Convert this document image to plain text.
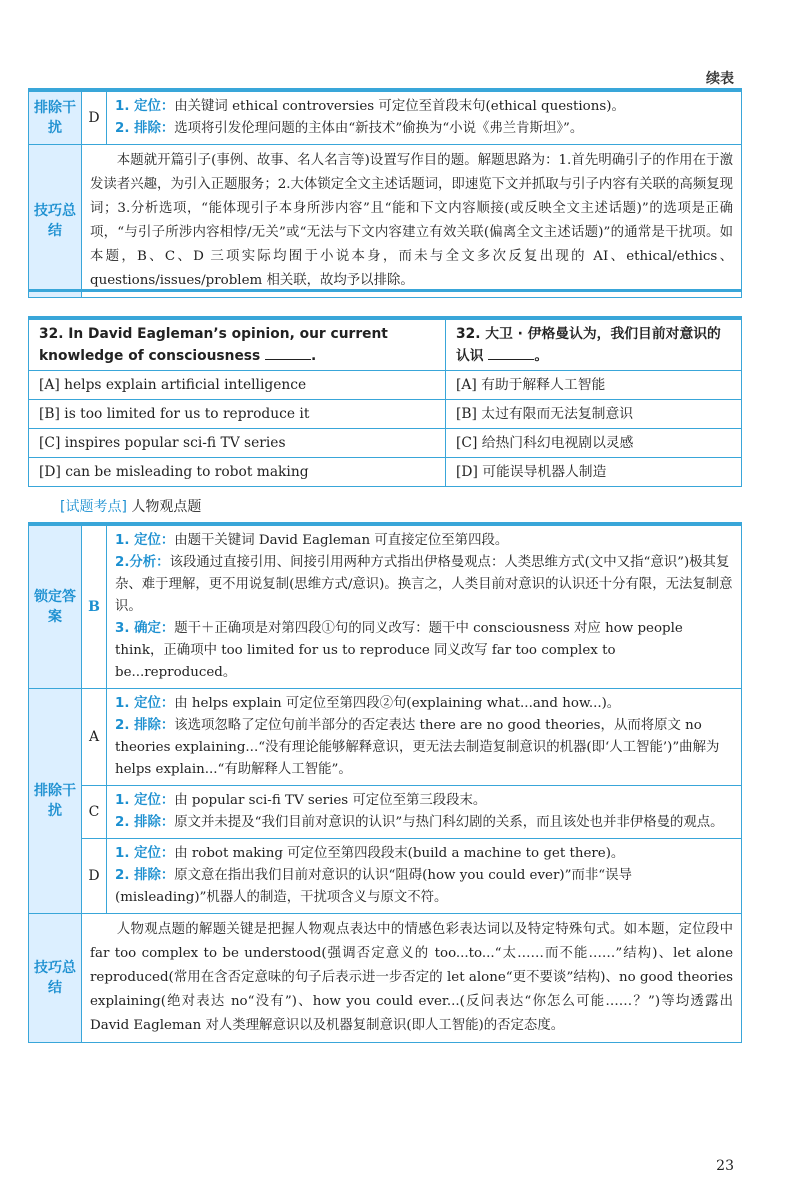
续表
排除干扰	D	1. 定位：由关键词 ethical controversies 可定位至首段末句(ethical questions)。
2. 排除：选项将引发伦理问题的主体由“新技术”偷换为“小说《弗兰肯斯坦》”。

技巧总结	本题就开篇引子(事例、故事、名人名言等)设置写作目的题。解题思路为：1.首先明确引子的作用在于激发读者兴趣，为引入正题服务；2.大体锁定全文主述话题词，即速览下文并抓取与引子内容有关联的高频复现词；3.分析选项，“能体现引子本身所涉内容”且“能和下文内容顺接(或反映全文主述话题)”的选项是正确项，“与引子所涉内容相悖/无关”或“无法与下文内容建立有效关联(偏离全文主述话题)”的通常是干扰项。如本题，B、C、D 三项实际均囿于小说本身，而未与全文多次反复出现的 AI、ethical/ethics、questions/issues/problem 相关联，故均予以排除。	
32. In David Eagleman’s opinion, our current knowledge of consciousness .	32. 大卫 · 伊格曼认为，我们目前对意识的认识 。
[A] helps explain artificial intelligence	[A] 有助于解释人工智能
[B] is too limited for us to reproduce it	[B] 太过有限而无法复制意识
[C] inspires popular sci-fi TV series	[C] 给热门科幻电视剧以灵感
[D] can be misleading to robot making	[D] 可能误导机器人制造
[试题考点] 人物观点题
锁定答案	B	1. 定位：由题干关键词 David Eagleman 可直接定位至第四段。
2.分析：该段通过直接引用、间接引用两种方式指出伊格曼观点：人类思维方式(文中又指“意识”)极其复杂、难于理解，更不用说复制(思维方式/意识)。换言之，人类目前对意识的认识还十分有限，无法复制意识。
3. 确定：题干＋正确项是对第四段①句的同义改写：题干中 consciousness 对应 how people think，正确项中 too limited for us to reproduce 同义改写 far too complex to be...reproduced。

排除干扰	A	1. 定位：由 helps explain 可定位至第四段②句(explaining what...and how...)。
2. 排除：该选项忽略了定位句前半部分的否定表达 there are no good theories，从而将原文 no theories explaining...“没有理论能够解释意识，更无法去制造复制意识的机器(即‘人工智能’)”曲解为 helps explain...“有助解释人工智能”。

	C	1. 定位：由 popular sci-fi TV series 可定位至第三段段末。
2. 排除：原文并未提及“我们目前对意识的认识”与热门科幻剧的关系，而且该处也并非伊格曼的观点。

	D	1. 定位：由 robot making 可定位至第四段段末(build a machine to get there)。
2. 排除：原文意在指出我们目前对意识的认识“阻碍(how you could ever)”而非“误导(misleading)”机器人的制造，干扰项含义与原文不符。

技巧总结	人物观点题的解题关键是把握人物观点表达中的情感色彩表达词以及特定特殊句式。如本题，定位段中 far too complex to be understood(强调否定意义的 too...to...“太……而不能……”结构)、let alone reproduced(常用在含否定意味的句子后表示进一步否定的 let alone“更不要谈”结构)、no good theories explaining(绝对表达 no“没有”)、how you could ever...(反问表达“你怎么可能……？”)等均透露出 David Eagleman 对人类理解意识以及机器复制意识(即人工智能)的否定态度。	
23
